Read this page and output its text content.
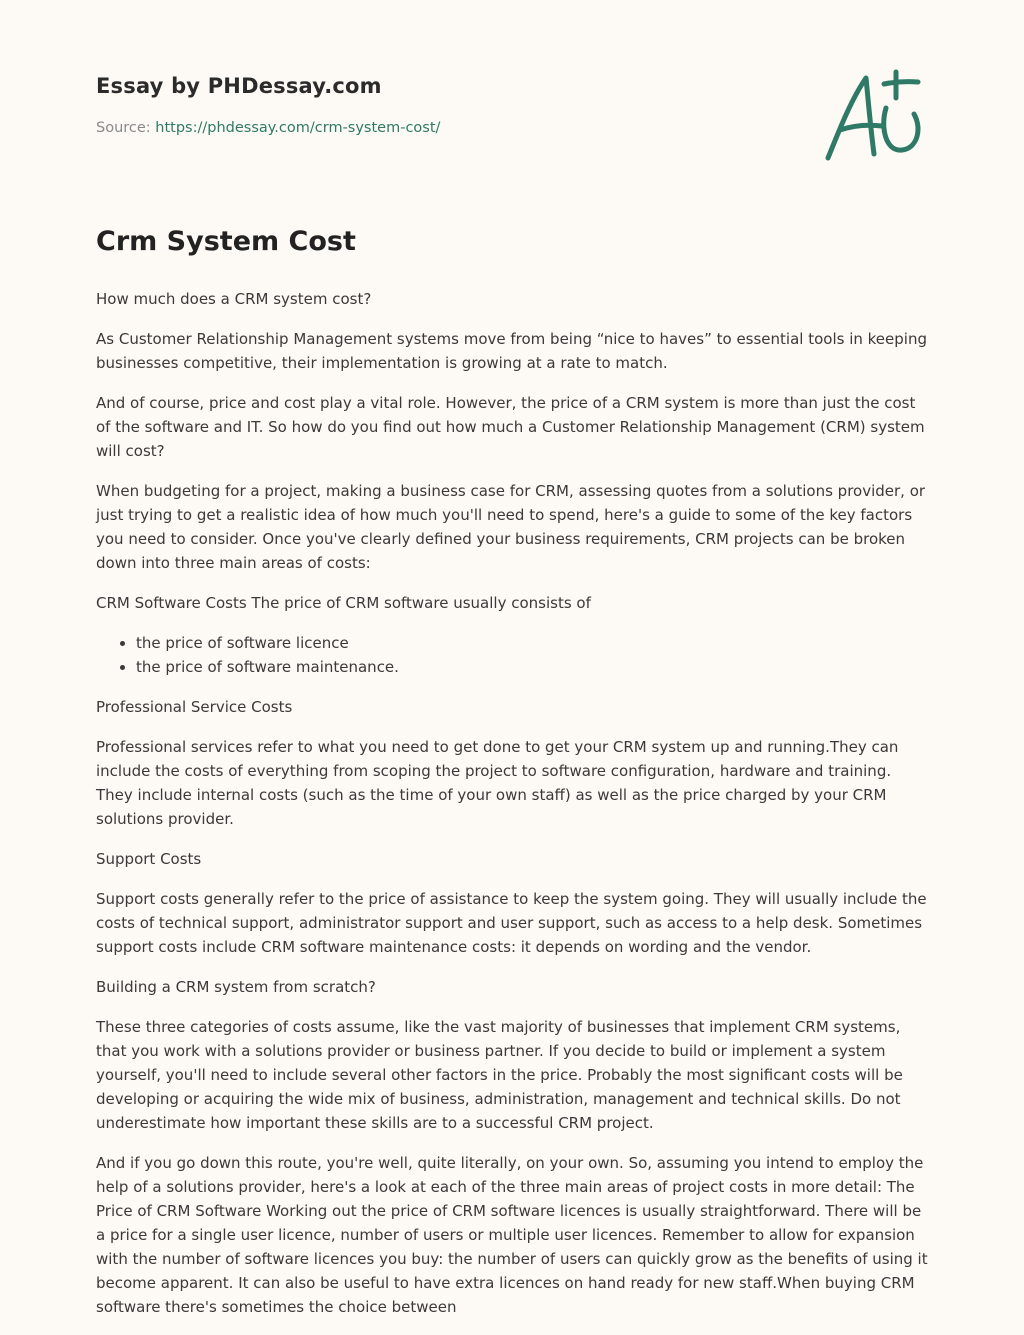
Essay by PHDessay.com
Source: https://phdessay.com/crm-system-cost/
Crm System Cost

How much does a CRM system cost?

As Customer Relationship Management systems move from being “nice to haves” to essential tools in keeping businesses competitive, their implementation is growing at a rate to match.

And of course, price and cost play a vital role. However, the price of a CRM system is more than just the cost of the software and IT. So how do you find out how much a Customer Relationship Management (CRM) system will cost?

When budgeting for a project, making a business case for CRM, assessing quotes from a solutions provider, or just trying to get a realistic idea of how much you'll need to spend, here's a guide to some of the key factors you need to consider. Once you've clearly defined your business requirements, CRM projects can be broken down into three main areas of costs:

CRM Software Costs The price of CRM software usually consists of

• the price of software licence
• the price of software maintenance.

Professional Service Costs

Professional services refer to what you need to get done to get your CRM system up and running.They can include the costs of everything from scoping the project to software configuration, hardware and training. They include internal costs (such as the time of your own staff) as well as the price charged by your CRM solutions provider.

Support Costs

Support costs generally refer to the price of assistance to keep the system going. They will usually include the costs of technical support, administrator support and user support, such as access to a help desk. Sometimes support costs include CRM software maintenance costs: it depends on wording and the vendor.

Building a CRM system from scratch?

These three categories of costs assume, like the vast majority of businesses that implement CRM systems, that you work with a solutions provider or business partner. If you decide to build or implement a system yourself, you'll need to include several other factors in the price. Probably the most significant costs will be developing or acquiring the wide mix of business, administration, management and technical skills. Do not underestimate how important these skills are to a successful CRM project.

And if you go down this route, you're well, quite literally, on your own. So, assuming you intend to employ the help of a solutions provider, here's a look at each of the three main areas of project costs in more detail: The Price of CRM Software Working out the price of CRM software licences is usually straightforward. There will be a price for a single user licence, number of users or multiple user licences. Remember to allow for expansion with the number of software licences you buy: the number of users can quickly grow as the benefits of using it become apparent. It can also be useful to have extra licences on hand ready for new staff.When buying CRM software there's sometimes the choice between
